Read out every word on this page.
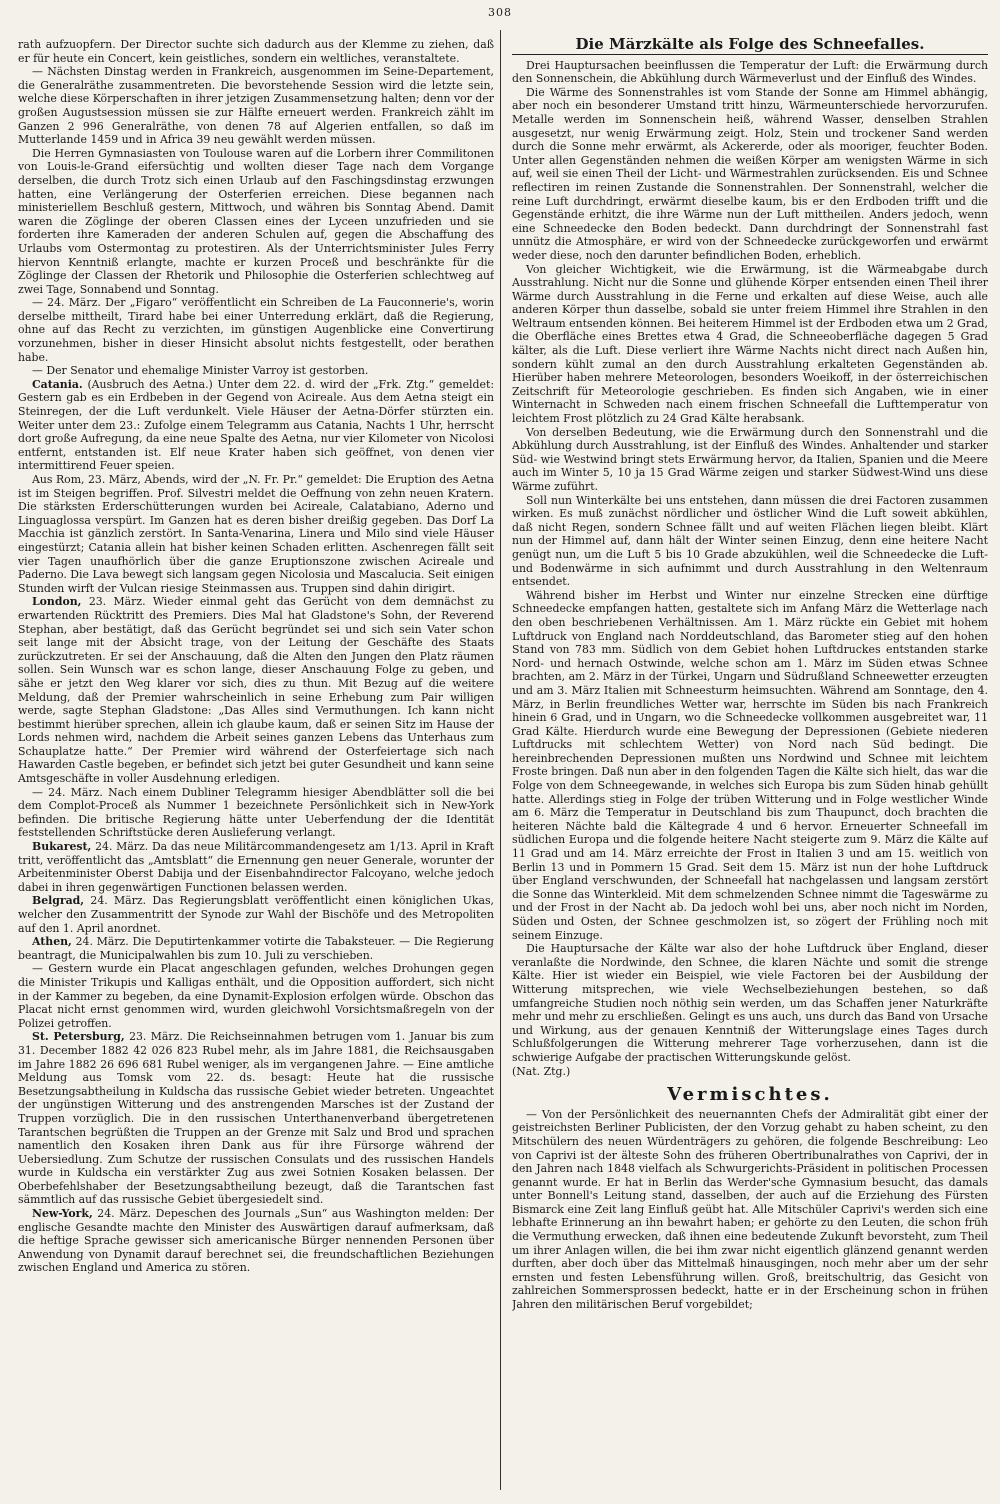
308

rath aufzuopfern. Der Director suchte sich dadurch aus der Klemme zu ziehen, daß er für heute ein Concert, kein geistliches, sondern ein weltliches, veranstaltete.

— Nächsten Dinstag werden in Frankreich, ausgenommen im Seine-Departement, die Generalräthe zusammentreten. Die bevorstehende Session wird die letzte sein, welche diese Körperschaften in ihrer jetzigen Zusammensetzung halten; denn vor der großen Augustsession müssen sie zur Hälfte erneuert werden. Frankreich zählt im Ganzen 2 996 Generalräthe, von denen 78 auf Algerien entfallen, so daß im Mutterlande 1459 und in Africa 39 neu gewählt werden müssen.

Die Herren Gymnasiasten von Toulouse waren auf die Lorbern ihrer Commilitonen von Louis-le-Grand eifersüchtig und wollten dieser Tage nach dem Vorgange derselben, die durch Trotz sich einen Urlaub auf den Faschingsdinstag erzwungen hatten, eine Verlängerung der Osterferien erreichen. Diese begannen nach ministeriellem Beschluß gestern, Mittwoch, und währen bis Sonntag Abend. Damit waren die Zöglinge der oberen Classen eines der Lyceen unzufrieden und sie forderten ihre Kameraden der anderen Schulen auf, gegen die Abschaffung des Urlaubs vom Ostermontag zu protestiren. Als der Unterrichtsminister Jules Ferry hiervon Kenntniß erlangte, machte er kurzen Proceß und beschränkte für die Zöglinge der Classen der Rhetorik und Philosophie die Osterferien schlechtweg auf zwei Tage, Sonnabend und Sonntag.

— 24. März. Der „Figaro“ veröffentlicht ein Schreiben de La Fauconnerie's, worin derselbe mittheilt, Tirard habe bei einer Unterredung erklärt, daß die Regierung, ohne auf das Recht zu verzichten, im günstigen Augenblicke eine Convertirung vorzunehmen, bisher in dieser Hinsicht absolut nichts festgestellt, oder berathen habe.

— Der Senator und ehemalige Minister Varroy ist gestorben.

Catania. (Ausbruch des Aetna.) Unter dem 22. d. wird der „Frk. Ztg.“ gemeldet: Gestern gab es ein Erdbeben in der Gegend von Acireale. Aus dem Aetna steigt ein Steinregen, der die Luft verdunkelt. Viele Häuser der Aetna-Dörfer stürzten ein. Weiter unter dem 23.: Zufolge einem Telegramm aus Catania, Nachts 1 Uhr, herrscht dort große Aufregung, da eine neue Spalte des Aetna, nur vier Kilometer von Nicolosi entfernt, entstanden ist. Elf neue Krater haben sich geöffnet, von denen vier intermittirend Feuer speien.

Aus Rom, 23. März, Abends, wird der „N. Fr. Pr.“ gemeldet: Die Eruption des Aetna ist im Steigen begriffen. Prof. Silvestri meldet die Oeffnung von zehn neuen Kratern. Die stärksten Erderschütterungen wurden bei Acireale, Calatabiano, Aderno und Linguaglossa verspürt. Im Ganzen hat es deren bisher dreißig gegeben. Das Dorf La Macchia ist gänzlich zerstört. In Santa-Venarina, Linera und Milo sind viele Häuser eingestürzt; Catania allein hat bisher keinen Schaden erlitten. Aschenregen fällt seit vier Tagen unaufhörlich über die ganze Eruptionszone zwischen Acireale und Paderno. Die Lava bewegt sich langsam gegen Nicolosia und Mascalucia. Seit einigen Stunden wirft der Vulcan riesige Steinmassen aus. Truppen sind dahin dirigirt.

London, 23. März. Wieder einmal geht das Gerücht von dem demnächst zu erwartenden Rücktritt des Premiers. Dies Mal hat Gladstone's Sohn, der Reverend Stephan, aber bestätigt, daß das Gerücht begründet sei und sich sein Vater schon seit lange mit der Absicht trage, von der Leitung der Geschäfte des Staats zurückzutreten. Er sei der Anschauung, daß die Alten den Jungen den Platz räumen sollen. Sein Wunsch war es schon lange, dieser Anschauung Folge zu geben, und sähe er jetzt den Weg klarer vor sich, dies zu thun. Mit Bezug auf die weitere Meldung, daß der Premier wahrscheinlich in seine Erhebung zum Pair willigen werde, sagte Stephan Gladstone: „Das Alles sind Vermuthungen. Ich kann nicht bestimmt hierüber sprechen, allein ich glaube kaum, daß er seinen Sitz im Hause der Lords nehmen wird, nachdem die Arbeit seines ganzen Lebens das Unterhaus zum Schauplatze hatte.“ Der Premier wird während der Osterfeiertage sich nach Hawarden Castle begeben, er befindet sich jetzt bei guter Gesundheit und kann seine Amtsgeschäfte in voller Ausdehnung erledigen.

— 24. März. Nach einem Dubliner Telegramm hiesiger Abendblätter soll die bei dem Complot-Proceß als Nummer 1 bezeichnete Persönlichkeit sich in New-York befinden. Die britische Regierung hätte unter Ueberfendung der die Identität feststellenden Schriftstücke deren Auslieferung verlangt.

Bukarest, 24. März. Da das neue Militärcommandengesetz am 1/13. April in Kraft tritt, veröffentlicht das „Amtsblatt“ die Ernennung gen neuer Generale, worunter der Arbeitenminister Oberst Dabija und der Eisenbahndirector Falcoyano, welche jedoch dabei in ihren gegenwärtigen Functionen belassen werden.

Belgrad, 24. März. Das Regierungsblatt veröffentlicht einen königlichen Ukas, welcher den Zusammentritt der Synode zur Wahl der Bischöfe und des Metropoliten auf den 1. April anordnet.

Athen, 24. März. Die Deputirtenkammer votirte die Tabaksteuer. — Die Regierung beantragt, die Municipalwahlen bis zum 10. Juli zu verschieben.

— Gestern wurde ein Placat angeschlagen gefunden, welches Drohungen gegen die Minister Trikupis und Kalligas enthält, und die Opposition auffordert, sich nicht in der Kammer zu begeben, da eine Dynamit-Explosion erfolgen würde. Obschon das Placat nicht ernst genommen wird, wurden gleichwohl Vorsichtsmaßregeln von der Polizei getroffen.

St. Petersburg, 23. März. Die Reichseinnahmen betrugen vom 1. Januar bis zum 31. December 1882 42 026 823 Rubel mehr, als im Jahre 1881, die Reichsausgaben im Jahre 1882 26 696 681 Rubel weniger, als im vergangenen Jahre. — Eine amtliche Meldung aus Tomsk vom 22. ds. besagt: Heute hat die russische Besetzungsabtheilung in Kuldscha das russische Gebiet wieder betreten. Ungeachtet der ungünstigen Witterung und des anstrengenden Marsches ist der Zustand der Truppen vorzüglich. Die in den russischen Unterthanenverband übergetretenen Tarantschen begrüßten die Truppen an der Grenze mit Salz und Brod und sprachen namentlich den Kosaken ihren Dank aus für ihre Fürsorge während der Uebersiedlung. Zum Schutze der russischen Consulats und des russischen Handels wurde in Kuldscha ein verstärkter Zug aus zwei Sotnien Kosaken belassen. Der Oberbefehlshaber der Besetzungsabtheilung bezeugt, daß die Tarantschen fast sämmtlich auf das russische Gebiet übergesiedelt sind.

New-York, 24. März. Depeschen des Journals „Sun“ aus Washington melden: Der englische Gesandte machte den Minister des Auswärtigen darauf aufmerksam, daß die heftige Sprache gewisser sich americanische Bürger nennenden Personen über Anwendung von Dynamit darauf berechnet sei, die freundschaftlichen Beziehungen zwischen England und America zu stören.

Die Märzkälte als Folge des Schneefalles.

Drei Hauptursachen beeinflussen die Temperatur der Luft: die Erwärmung durch den Sonnenschein, die Abkühlung durch Wärmeverlust und der Einfluß des Windes.

Die Wärme des Sonnenstrahles ist vom Stande der Sonne am Himmel abhängig, aber noch ein besonderer Umstand tritt hinzu, Wärmeunterschiede hervorzurufen. Metalle werden im Sonnenschein heiß, während Wasser, denselben Strahlen ausgesetzt, nur wenig Erwärmung zeigt. Holz, Stein und trockener Sand werden durch die Sonne mehr erwärmt, als Ackererde, oder als mooriger, feuchter Boden. Unter allen Gegenständen nehmen die weißen Körper am wenigsten Wärme in sich auf, weil sie einen Theil der Licht- und Wärmestrahlen zurücksenden. Eis und Schnee reflectiren im reinen Zustande die Sonnenstrahlen. Der Sonnenstrahl, welcher die reine Luft durchdringt, erwärmt dieselbe kaum, bis er den Erdboden trifft und die Gegenstände erhitzt, die ihre Wärme nun der Luft mittheilen. Anders jedoch, wenn eine Schneedecke den Boden bedeckt. Dann durchdringt der Sonnenstrahl fast unnütz die Atmosphäre, er wird von der Schneedecke zurückgeworfen und erwärmt weder diese, noch den darunter befindlichen Boden, erheblich.

Von gleicher Wichtigkeit, wie die Erwärmung, ist die Wärmeabgabe durch Ausstrahlung. Nicht nur die Sonne und glühende Körper entsenden einen Theil ihrer Wärme durch Ausstrahlung in die Ferne und erkalten auf diese Weise, auch alle anderen Körper thun dasselbe, sobald sie unter freiem Himmel ihre Strahlen in den Weltraum entsenden können. Bei heiterem Himmel ist der Erdboden etwa um 2 Grad, die Oberfläche eines Brettes etwa 4 Grad, die Schneeoberfläche dagegen 5 Grad kälter, als die Luft. Diese verliert ihre Wärme Nachts nicht direct nach Außen hin, sondern kühlt zumal an den durch Ausstrahlung erkalteten Gegenständen ab. Hierüber haben mehrere Meteorologen, besonders Woeikoff, in der österreichischen Zeitschrift für Meteorologie geschrieben. Es finden sich Angaben, wie in einer Winternacht in Schweden nach einem frischen Schneefall die Lufttemperatur von leichtem Frost plötzlich zu 24 Grad Kälte herabsank.

Von derselben Bedeutung, wie die Erwärmung durch den Sonnenstrahl und die Abkühlung durch Ausstrahlung, ist der Einfluß des Windes. Anhaltender und starker Süd- wie Westwind bringt stets Erwärmung hervor, da Italien, Spanien und die Meere auch im Winter 5, 10 ja 15 Grad Wärme zeigen und starker Südwest-Wind uns diese Wärme zuführt.

Soll nun Winterkälte bei uns entstehen, dann müssen die drei Factoren zusammen wirken. Es muß zunächst nördlicher und östlicher Wind die Luft soweit abkühlen, daß nicht Regen, sondern Schnee fällt und auf weiten Flächen liegen bleibt. Klärt nun der Himmel auf, dann hält der Winter seinen Einzug, denn eine heitere Nacht genügt nun, um die Luft 5 bis 10 Grade abzukühlen, weil die Schneedecke die Luft- und Bodenwärme in sich aufnimmt und durch Ausstrahlung in den Weltenraum entsendet.

Während bisher im Herbst und Winter nur einzelne Strecken eine dürftige Schneedecke empfangen hatten, gestaltete sich im Anfang März die Wetterlage nach den oben beschriebenen Verhältnissen. Am 1. März rückte ein Gebiet mit hohem Luftdruck von England nach Norddeutschland, das Barometer stieg auf den hohen Stand von 783 mm. Südlich von dem Gebiet hohen Luftdruckes entstanden starke Nord- und hernach Ostwinde, welche schon am 1. März im Süden etwas Schnee brachten, am 2. März in der Türkei, Ungarn und Südrußland Schneewetter erzeugten und am 3. März Italien mit Schneesturm heimsuchten. Während am Sonntage, den 4. März, in Berlin freundliches Wetter war, herrschte im Süden bis nach Frankreich hinein 6 Grad, und in Ungarn, wo die Schneedecke vollkommen ausgebreitet war, 11 Grad Kälte. Hierdurch wurde eine Bewegung der Depressionen (Gebiete niederen Luftdrucks mit schlechtem Wetter) von Nord nach Süd bedingt. Die hereinbrechenden Depressionen mußten uns Nordwind und Schnee mit leichtem Froste bringen. Daß nun aber in den folgenden Tagen die Kälte sich hielt, das war die Folge von dem Schneegewande, in welches sich Europa bis zum Süden hinab gehüllt hatte. Allerdings stieg in Folge der trüben Witterung und in Folge westlicher Winde am 6. März die Temperatur in Deutschland bis zum Thaupunct, doch brachten die heiteren Nächte bald die Kältegrade 4 und 6 hervor. Erneuerter Schneefall im südlichen Europa und die folgende heitere Nacht steigerte zum 9. März die Kälte auf 11 Grad und am 14. März erreichte der Frost in Italien 3 und am 15. weitlich von Berlin 13 und in Pommern 15 Grad. Seit dem 15. März ist nun der hohe Luftdruck über England verschwunden, der Schneefall hat nachgelassen und langsam zerstört die Sonne das Winterkleid. Mit dem schmelzenden Schnee nimmt die Tageswärme zu und der Frost in der Nacht ab. Da jedoch wohl bei uns, aber noch nicht im Norden, Süden und Osten, der Schnee geschmolzen ist, so zögert der Frühling noch mit seinem Einzuge.

Die Hauptursache der Kälte war also der hohe Luftdruck über England, dieser veranlaßte die Nordwinde, den Schnee, die klaren Nächte und somit die strenge Kälte. Hier ist wieder ein Beispiel, wie viele Factoren bei der Ausbildung der Witterung mitsprechen, wie viele Wechselbeziehungen bestehen, so daß umfangreiche Studien noch nöthig sein werden, um das Schaffen jener Naturkräfte mehr und mehr zu erschließen. Gelingt es uns auch, uns durch das Band von Ursache und Wirkung, aus der genauen Kenntniß der Witterungslage eines Tages durch Schlußfolgerungen die Witterung mehrerer Tage vorherzusehen, dann ist die schwierige Aufgabe der practischen Witterungskunde gelöst.

(Nat. Ztg.)

Vermischtes.

— Von der Persönlichkeit des neuernannten Chefs der Admiralität gibt einer der geistreichsten Berliner Publicisten, der den Vorzug gehabt zu haben scheint, zu den Mitschülern des neuen Würdenträgers zu gehören, die folgende Beschreibung: Leo von Caprivi ist der älteste Sohn des früheren Obertribunalrathes von Caprivi, der in den Jahren nach 1848 vielfach als Schwurgerichts-Präsident in politischen Processen genannt wurde. Er hat in Berlin das Werder'sche Gymnasium besucht, das damals unter Bonnell's Leitung stand, dasselben, der auch auf die Erziehung des Fürsten Bismarck eine Zeit lang Einfluß geübt hat. Alle Mitschüler Caprivi's werden sich eine lebhafte Erinnerung an ihn bewahrt haben; er gehörte zu den Leuten, die schon früh die Vermuthung erwecken, daß ihnen eine bedeutende Zukunft bevorsteht, zum Theil um ihrer Anlagen willen, die bei ihm zwar nicht eigentlich glänzend genannt werden durften, aber doch über das Mittelmaß hinausgingen, noch mehr aber um der sehr ernsten und festen Lebensführung willen. Groß, breitschultrig, das Gesicht von zahlreichen Sommersprossen bedeckt, hatte er in der Erscheinung schon in frühen Jahren den militärischen Beruf vorgebildet;
